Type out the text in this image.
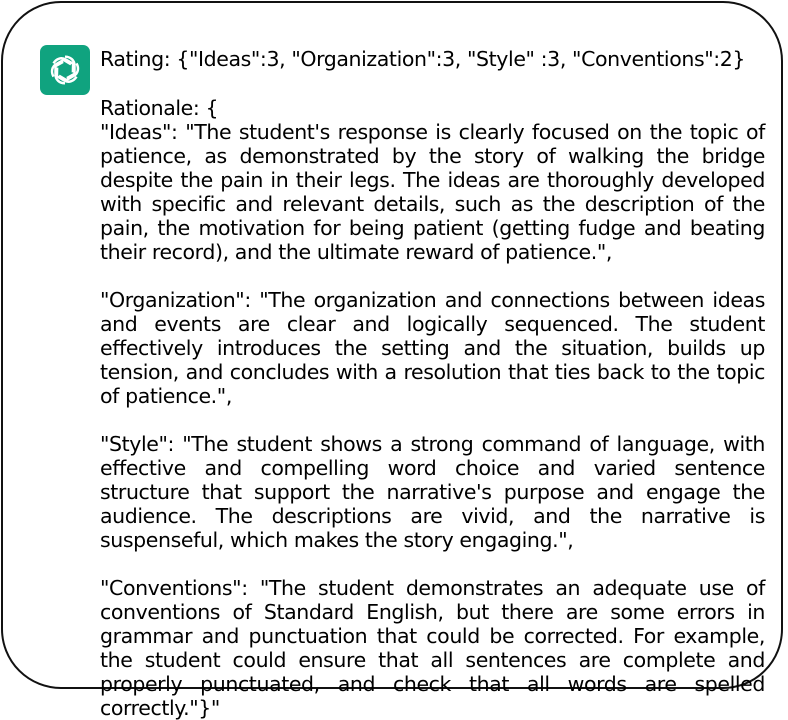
Rating: {"Ideas":3, "Organization":3, "Style" :3, "Conventions":2}
Rationale: {
"Ideas": "The student's response is clearly focused on the topic of patience, as demonstrated by the story of walking the bridge despite the pain in their legs. The ideas are thoroughly developed with specific and relevant details, such as the description of the pain, the motivation for being patient (getting fudge and beating their record), and the ultimate reward of patience.",
"Organization": "The organization and connections between ideas and events are clear and logically sequenced. The student effectively introduces the setting and the situation, builds up tension, and concludes with a resolution that ties back to the topic of patience.",
"Style": "The student shows a strong command of language, with effective and compelling word choice and varied sentence structure that support the narrative's purpose and engage the audience. The descriptions are vivid, and the narrative is suspenseful, which makes the story engaging.",
"Conventions": "The student demonstrates an adequate use of conventions of Standard English, but there are some errors in grammar and punctuation that could be corrected. For example, the student could ensure that all sentences are complete and properly punctuated, and check that all words are spelled correctly."}"
